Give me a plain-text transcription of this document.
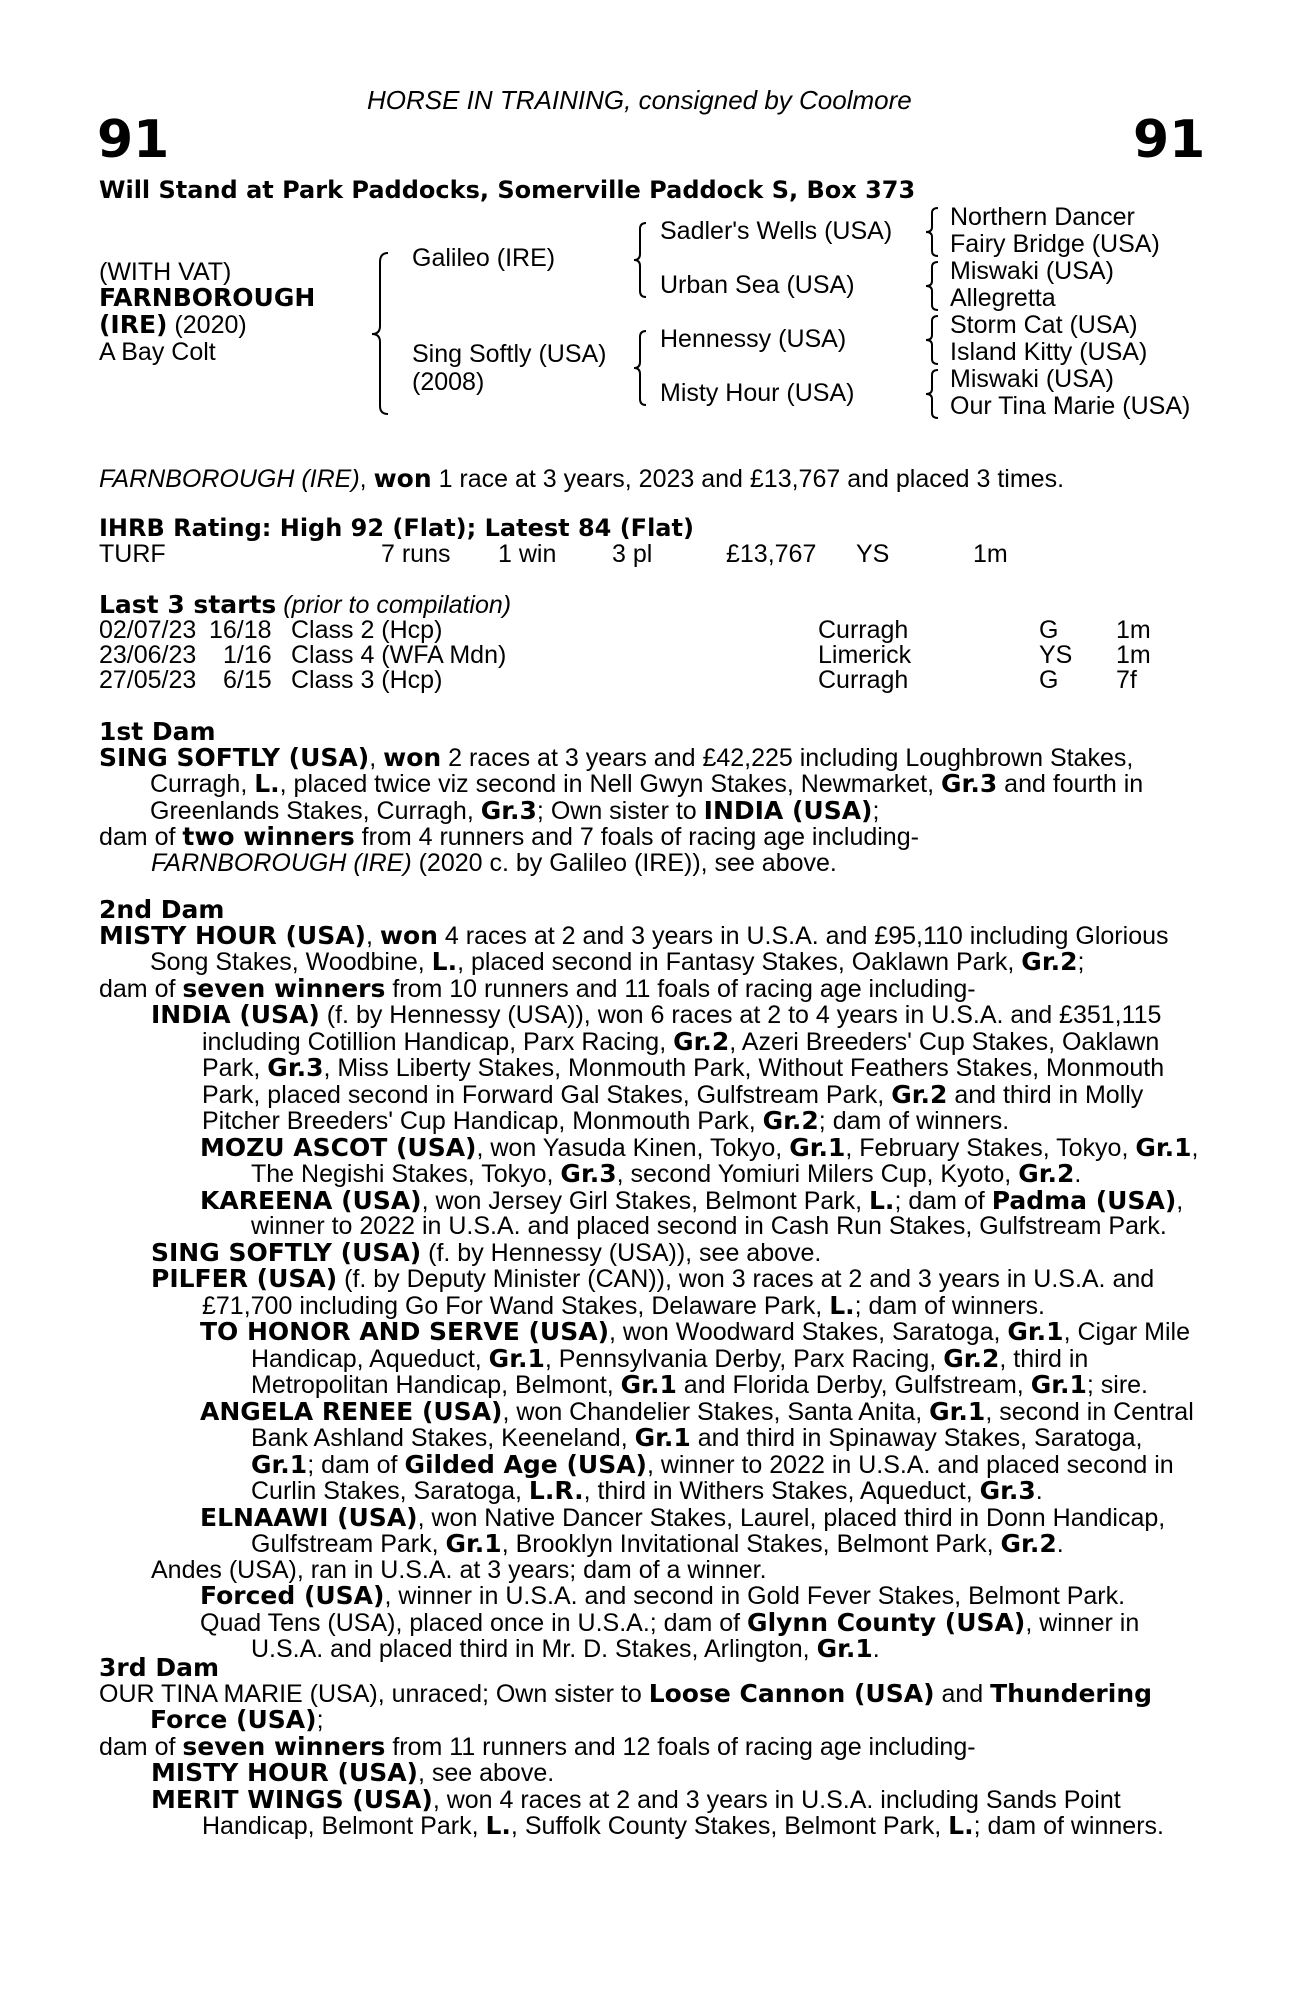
HORSE IN TRAINING, consigned by Coolmore
91	91
Will Stand at Park Paddocks, Somerville Paddock S, Box 373
(WITH VAT)
FARNBOROUGH
(IRE) (2020)
A Bay Colt
Galileo (IRE)
Sing Softly (USA)
(2008)
Sadler's Wells (USA)
Urban Sea (USA)
Hennessy (USA)
Misty Hour (USA)
Northern Dancer
Fairy Bridge (USA)
Miswaki (USA)
Allegretta
Storm Cat (USA)
Island Kitty (USA)
Miswaki (USA)
Our Tina Marie (USA)
FARNBOROUGH (IRE), won 1 race at 3 years, 2023 and £13,767 and placed 3 times.
IHRB Rating: High 92 (Flat); Latest 84 (Flat)
TURF	7 runs 1 win 3 pl	£13,767 YS	1m
Last 3 starts (prior to compilation)
02/07/23 16/18 Class 2 (Hcp)	Curragh	G 1m
23/06/23 1/16 Class 4 (WFA Mdn)	Limerick	YS 1m
27/05/23 6/15 Class 3 (Hcp)	Curragh	G 7f
1st Dam
SING SOFTLY (USA), won 2 races at 3 years and £42,225 including Loughbrown Stakes, Curragh, L., placed twice viz second in Nell Gwyn Stakes, Newmarket, Gr.3 and fourth in Greenlands Stakes, Curragh, Gr.3; Own sister to INDIA (USA);
dam of two winners from 4 runners and 7 foals of racing age including-
FARNBOROUGH (IRE) (2020 c. by Galileo (IRE)), see above.
2nd Dam
MISTY HOUR (USA), won 4 races at 2 and 3 years in U.S.A. and £95,110 including Glorious Song Stakes, Woodbine, L., placed second in Fantasy Stakes, Oaklawn Park, Gr.2;
dam of seven winners from 10 runners and 11 foals of racing age including-
INDIA (USA) (f. by Hennessy (USA)), won 6 races at 2 to 4 years in U.S.A. and £351,115 including Cotillion Handicap, Parx Racing, Gr.2, Azeri Breeders' Cup Stakes, Oaklawn Park, Gr.3, Miss Liberty Stakes, Monmouth Park, Without Feathers Stakes, Monmouth Park, placed second in Forward Gal Stakes, Gulfstream Park, Gr.2 and third in Molly Pitcher Breeders' Cup Handicap, Monmouth Park, Gr.2; dam of winners.
MOZU ASCOT (USA), won Yasuda Kinen, Tokyo, Gr.1, February Stakes, Tokyo, Gr.1, The Negishi Stakes, Tokyo, Gr.3, second Yomiuri Milers Cup, Kyoto, Gr.2.
KAREENA (USA), won Jersey Girl Stakes, Belmont Park, L.; dam of Padma (USA), winner to 2022 in U.S.A. and placed second in Cash Run Stakes, Gulfstream Park.
SING SOFTLY (USA) (f. by Hennessy (USA)), see above.
PILFER (USA) (f. by Deputy Minister (CAN)), won 3 races at 2 and 3 years in U.S.A. and £71,700 including Go For Wand Stakes, Delaware Park, L.; dam of winners.
TO HONOR AND SERVE (USA), won Woodward Stakes, Saratoga, Gr.1, Cigar Mile Handicap, Aqueduct, Gr.1, Pennsylvania Derby, Parx Racing, Gr.2, third in Metropolitan Handicap, Belmont, Gr.1 and Florida Derby, Gulfstream, Gr.1; sire.
ANGELA RENEE (USA), won Chandelier Stakes, Santa Anita, Gr.1, second in Central Bank Ashland Stakes, Keeneland, Gr.1 and third in Spinaway Stakes, Saratoga, Gr.1; dam of Gilded Age (USA), winner to 2022 in U.S.A. and placed second in Curlin Stakes, Saratoga, L.R., third in Withers Stakes, Aqueduct, Gr.3.
ELNAAWI (USA), won Native Dancer Stakes, Laurel, placed third in Donn Handicap, Gulfstream Park, Gr.1, Brooklyn Invitational Stakes, Belmont Park, Gr.2.
Andes (USA), ran in U.S.A. at 3 years; dam of a winner.
Forced (USA), winner in U.S.A. and second in Gold Fever Stakes, Belmont Park.
Quad Tens (USA), placed once in U.S.A.; dam of Glynn County (USA), winner in U.S.A. and placed third in Mr. D. Stakes, Arlington, Gr.1.
3rd Dam
OUR TINA MARIE (USA), unraced; Own sister to Loose Cannon (USA) and Thundering Force (USA);
dam of seven winners from 11 runners and 12 foals of racing age including-
MISTY HOUR (USA), see above.
MERIT WINGS (USA), won 4 races at 2 and 3 years in U.S.A. including Sands Point Handicap, Belmont Park, L., Suffolk County Stakes, Belmont Park, L.; dam of winners.
